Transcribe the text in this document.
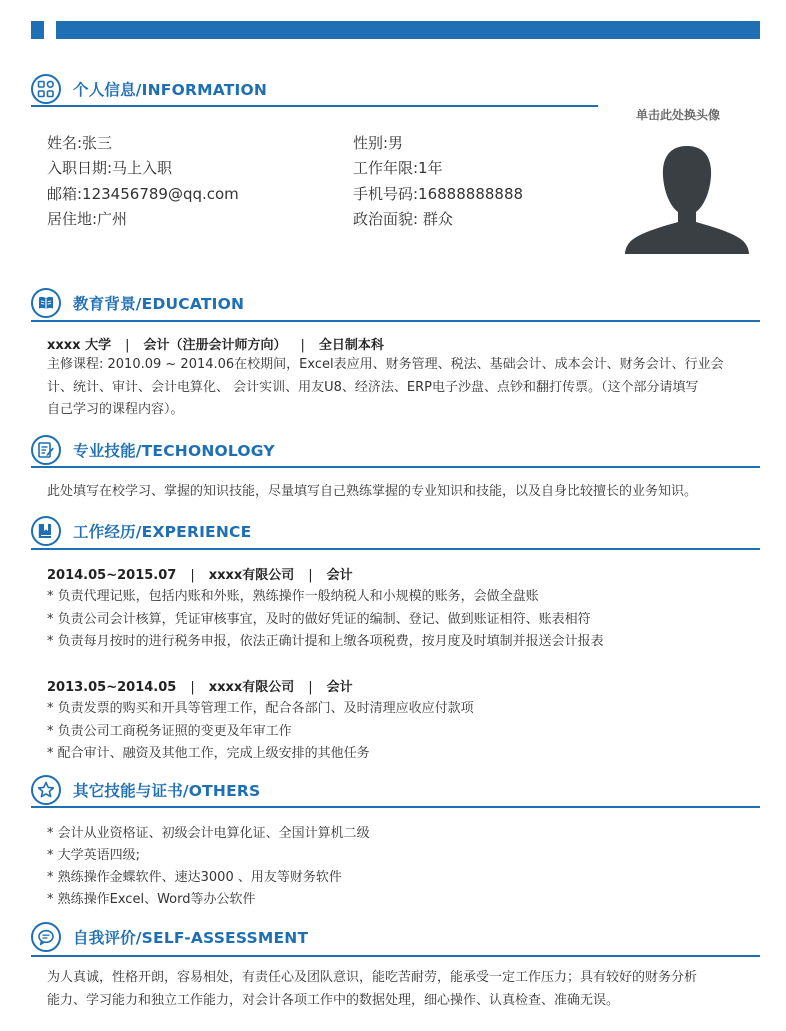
个人信息/INFORMATION
姓名:张三
入职日期:马上入职
邮箱:123456789@qq.com
居住地:广州
性别:男
工作年限:1年
手机号码:16888888888
政治面貌: 群众
单击此处换头像
教育背景/EDUCATION
xxxx 大学 | 会计（注册会计师方向） | 全日制本科
主修课程: 2010.09 ~ 2014.06在校期间，Excel表应用、财务管理、税法、基础会计、成本会计、财务会计、行业会
计、统计、审计、会计电算化、 会计实训、用友U8、经济法、ERP电子沙盘、点钞和翻打传票。（这个部分请填写
自己学习的课程内容）。
专业技能/TECHONOLOGY
此处填写在校学习、掌握的知识技能，尽量填写自己熟练掌握的专业知识和技能，以及自身比较擅长的业务知识。
工作经历/EXPERIENCE
2014.05~2015.07 | xxxx有限公司 | 会计
* 负责代理记账，包括内账和外账，熟练操作一般纳税人和小规模的账务，会做全盘账
* 负责公司会计核算，凭证审核事宜，及时的做好凭证的编制、登记、做到账证相符、账表相符
* 负责每月按时的进行税务申报，依法正确计提和上缴各项税费，按月度及时填制并报送会计报表
2013.05~2014.05 | xxxx有限公司 | 会计
* 负责发票的购买和开具等管理工作，配合各部门、及时清理应收应付款项
* 负责公司工商税务证照的变更及年审工作
* 配合审计、融资及其他工作，完成上级安排的其他任务
其它技能与证书/OTHERS
* 会计从业资格证、初级会计电算化证、全国计算机二级
* 大学英语四级;
* 熟练操作金蝶软件、速达3000 、用友等财务软件
* 熟练操作Excel、Word等办公软件
自我评价/SELF-ASSESSMENT
为人真诚，性格开朗，容易相处，有责任心及团队意识，能吃苦耐劳，能承受一定工作压力；具有较好的财务分析
能力、学习能力和独立工作能力，对会计各项工作中的数据处理，细心操作、认真检查、准确无误。
